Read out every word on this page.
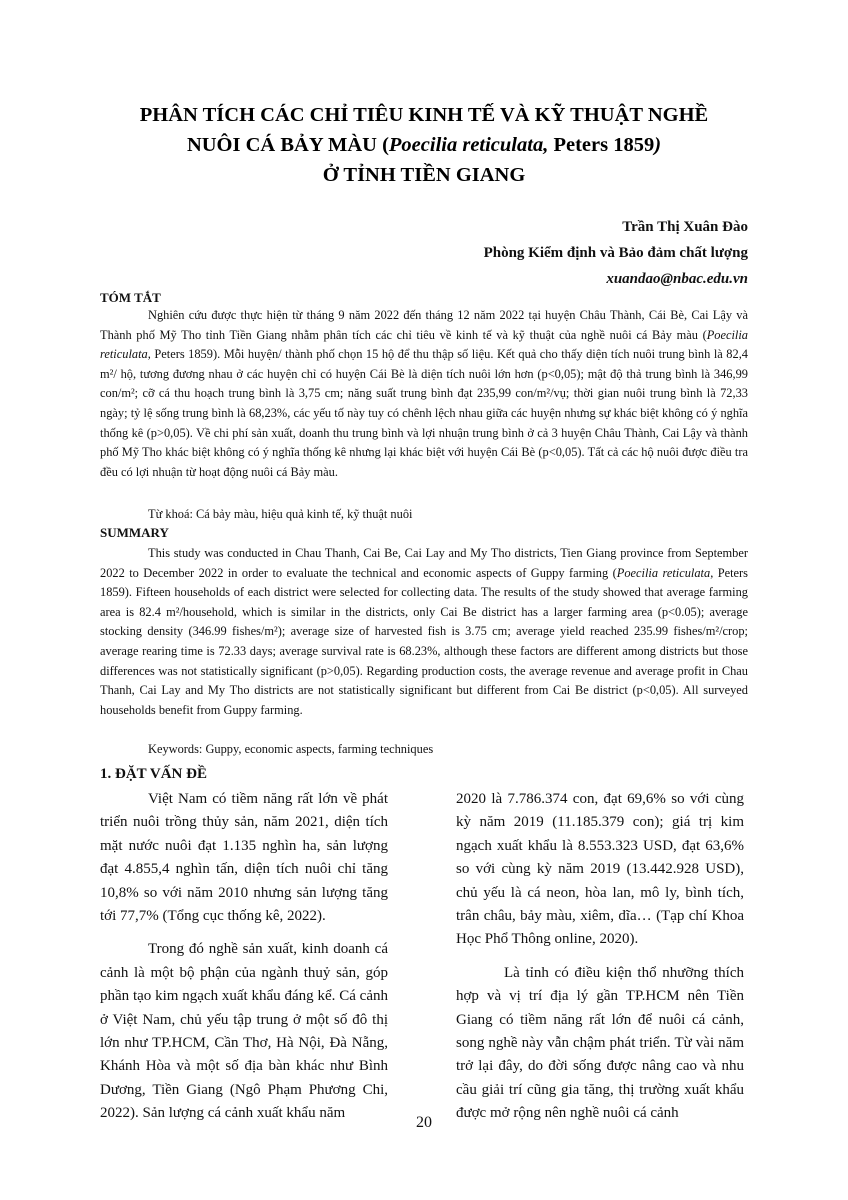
PHÂN TÍCH CÁC CHỈ TIÊU KINH TẾ VÀ KỸ THUẬT NGHỀ
NUÔI CÁ BẢY MÀU (Poecilia reticulata, Peters 1859)
Ở TỈNH TIỀN GIANG
Trần Thị Xuân Đào
Phòng Kiểm định và Bảo đảm chất lượng
xuandao@nbac.edu.vn
TÓM TẮT

Nghiên cứu được thực hiện từ tháng 9 năm 2022 đến tháng 12 năm 2022 tại huyện Châu Thành, Cái Bè, Cai Lậy và Thành phố Mỹ Tho tỉnh Tiền Giang nhằm phân tích các chỉ tiêu về kinh tế và kỹ thuật của nghề nuôi cá Bảy màu (Poecilia reticulata, Peters 1859). Mỗi huyện/ thành phố chọn 15 hộ để thu thập số liệu. Kết quả cho thấy diện tích nuôi trung bình là 82,4 m²/ hộ, tương đương nhau ở các huyện chỉ có huyện Cái Bè là diện tích nuôi lớn hơn (p<0,05); mật độ thả trung bình là 346,99 con/m²; cỡ cá thu hoạch trung bình là 3,75 cm; năng suất trung bình đạt 235,99 con/m²/vụ; thời gian nuôi trung bình là 72,33 ngày; tỷ lệ sống trung bình là 68,23%, các yếu tố này tuy có chênh lệch nhau giữa các huyện nhưng sự khác biệt không có ý nghĩa thống kê (p>0,05). Về chi phí sản xuất, doanh thu trung bình và lợi nhuận trung bình ở cả 3 huyện Châu Thành, Cai Lậy và thành phố Mỹ Tho khác biệt không có ý nghĩa thống kê nhưng lại khác biệt với huyện Cái Bè (p<0,05). Tất cả các hộ nuôi được điều tra đều có lợi nhuận từ hoạt động nuôi cá Bảy màu.

Từ khoá: Cá bảy màu, hiệu quả kinh tế, kỹ thuật nuôi
SUMMARY

This study was conducted in Chau Thanh, Cai Be, Cai Lay and My Tho districts, Tien Giang province from September 2022 to December 2022 in order to evaluate the technical and economic aspects of Guppy farming (Poecilia reticulata, Peters 1859). Fifteen households of each district were selected for collecting data. The results of the study showed that average farming area is 82.4 m²/household, which is similar in the districts, only Cai Be district has a larger farming area (p<0.05); average stocking density (346.99 fishes/m²); average size of harvested fish is 3.75 cm; average yield reached 235.99 fishes/m²/crop; average rearing time is 72.33 days; average survival rate is 68.23%, although these factors are different among districts but those differences was not statistically significant (p>0,05). Regarding production costs, the average revenue and average profit in Chau Thanh, Cai Lay and My Tho districts are not statistically significant but different from Cai Be district (p<0,05). All surveyed households benefit from Guppy farming.

Keywords: Guppy, economic aspects, farming techniques
1. ĐẶT VẤN ĐỀ

Việt Nam có tiềm năng rất lớn về phát triển nuôi trồng thủy sản, năm 2021, diện tích mặt nước nuôi đạt 1.135 nghìn ha, sản lượng đạt 4.855,4 nghìn tấn, diện tích nuôi chỉ tăng 10,8% so với năm 2010 nhưng sản lượng tăng tới 77,7% (Tổng cục thống kê, 2022).

Trong đó nghề sản xuất, kinh doanh cá cảnh là một bộ phận của ngành thuỷ sản, góp phần tạo kim ngạch xuất khẩu đáng kể. Cá cảnh ở Việt Nam, chủ yếu tập trung ở một số đô thị lớn như TP.HCM, Cần Thơ, Hà Nội, Đà Nẵng, Khánh Hòa và một số địa bàn khác như Bình Dương, Tiền Giang (Ngô Phạm Phương Chi, 2022). Sản lượng cá cảnh xuất khẩu năm

2020 là 7.786.374 con, đạt 69,6% so với cùng kỳ năm 2019 (11.185.379 con); giá trị kim ngạch xuất khẩu là 8.553.323 USD, đạt 63,6% so với cùng kỳ năm 2019 (13.442.928 USD), chủ yếu là cá neon, hòa lan, mô ly, bình tích, trân châu, bảy màu, xiêm, dĩa… (Tạp chí Khoa Học Phổ Thông online, 2020).

Là tỉnh có điều kiện thổ nhưỡng thích hợp và vị trí địa lý gần TP.HCM nên Tiền Giang có tiềm năng rất lớn để nuôi cá cảnh, song nghề này vẫn chậm phát triển. Từ vài năm trở lại đây, do đời sống được nâng cao và nhu cầu giải trí cũng gia tăng, thị trường xuất khẩu được mở rộng nên nghề nuôi cá cảnh

20
